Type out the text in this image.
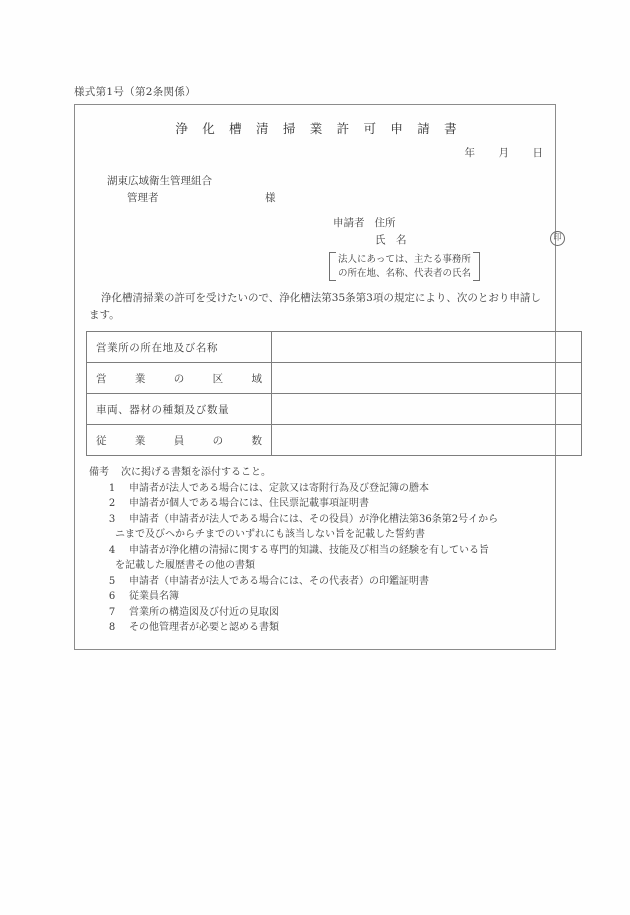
様式第1号（第2条関係）
浄 化 槽 清 掃 業 許 可 申 請 書
年 月 日
湖東広域衛生管理組合
管理者	様
申請者 住所
氏　名	印
法人にあっては、主たる事務所
の所在地、名称、代表者の氏名
浄化槽清掃業の許可を受けたいので、浄化槽法第35条第3項の規定により、次のとおり申請します。
営業所の所在地及び名称	

営 業 の 区 域	

車両、器材の種類及び数量	

従 業 員 の 数	

備考 次に掲げる書類を添付すること。
1	申請者が法人である場合には、定款又は寄附行為及び登記簿の謄本
2	申請者が個人である場合には、住民票記載事項証明書
3	申請者（申請者が法人である場合には、その役員）が浄化槽法第36条第2号イから
ニまで及びヘからチまでのいずれにも該当しない旨を記載した誓約書
4	申請者が浄化槽の清掃に関する専門的知識、技能及び相当の経験を有している旨
を記載した履歴書その他の書類
5	申請者（申請者が法人である場合には、その代表者）の印鑑証明書
6	従業員名簿
7	営業所の構造図及び付近の見取図
8	その他管理者が必要と認める書類
